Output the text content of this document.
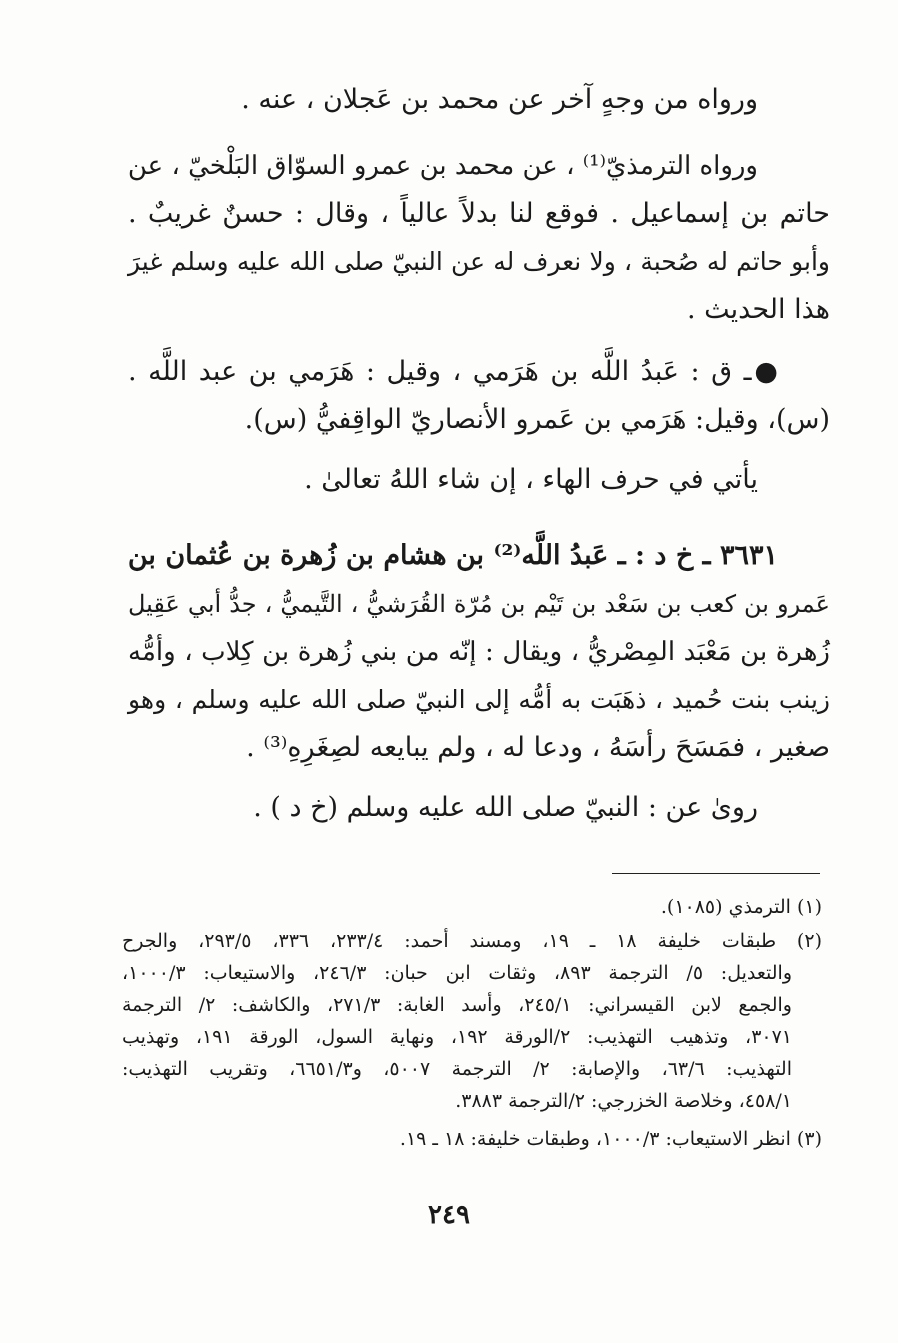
ورواه من وجهٍ آخر عن محمد بن عَجلان ، عنه .

ورواه الترمذيّ⁽¹⁾ ، عن محمد بن عمرو السوّاق البَلْخيّ ، عن

حاتم بن إسماعيل . فوقع لنا بدلاً عالياً ، وقال : حسنٌ غريبٌ .

وأبو حاتم له صُحبة ، ولا نعرف له عن النبيّ صلى الله عليه وسلم غيرَ

هذا الحديث .

●ـ ق : عَبدُ اللَّه بن هَرَمي ، وقيل : هَرَمي بن عبد اللَّه .

(س)، وقيل: هَرَمي بن عَمرو الأنصاريّ الواقِفيُّ (س).

يأتي في حرف الهاء ، إن شاء اللهُ تعالىٰ .

٣٦٣١ ـ خ د : ـ عَبدُ اللَّه⁽²⁾ بن هشام بن زُهرة بن عُثمان بن

عَمرو بن كعب بن سَعْد بن تَيْم بن مُرّة القُرَشيُّ ، التَّيميُّ ، جدُّ أبي عَقِيل

زُهرة بن مَعْبَد المِصْريُّ ، ويقال : إنّه من بني زُهرة بن كِلاب ، وأمُّه

زينب بنت حُميد ، ذهَبَت به أمُّه إلى النبيّ صلى الله عليه وسلم ، وهو

صغير ، فمَسَحَ رأسَهُ ، ودعا له ، ولم يبايعه لصِغَرِهِ⁽³⁾ .

روىٰ عن : النبيّ صلى الله عليه وسلم (خ د ) .

(١) الترمذي (١٠٨٥).

(٢) طبقات خليفة ١٨ ـ ١٩، ومسند أحمد: ٢٣٣/٤، ٣٣٦، ٢٩٣/٥، والجرح

والتعديل: ٥/ الترجمة ٨٩٣، وثقات ابن حبان: ٢٤٦/٣، والاستيعاب: ١٠٠٠/٣،

والجمع لابن القيسراني: ٢٤٥/١، وأسد الغابة: ٢٧١/٣، والكاشف: ٢/ الترجمة

٣٠٧١، وتذهيب التهذيب: ٢/الورقة ١٩٢، ونهاية السول، الورقة ١٩١، وتهذيب

التهذيب: ٦٣/٦، والإصابة: ٢/ الترجمة ٥٠٠٧، و٦٦٥١/٣، وتقريب التهذيب:

٤٥٨/١، وخلاصة الخزرجي: ٢/الترجمة ٣٨٨٣.

(٣) انظر الاستيعاب: ١٠٠٠/٣، وطبقات خليفة: ١٨ ـ ١٩.

٢٤٩
